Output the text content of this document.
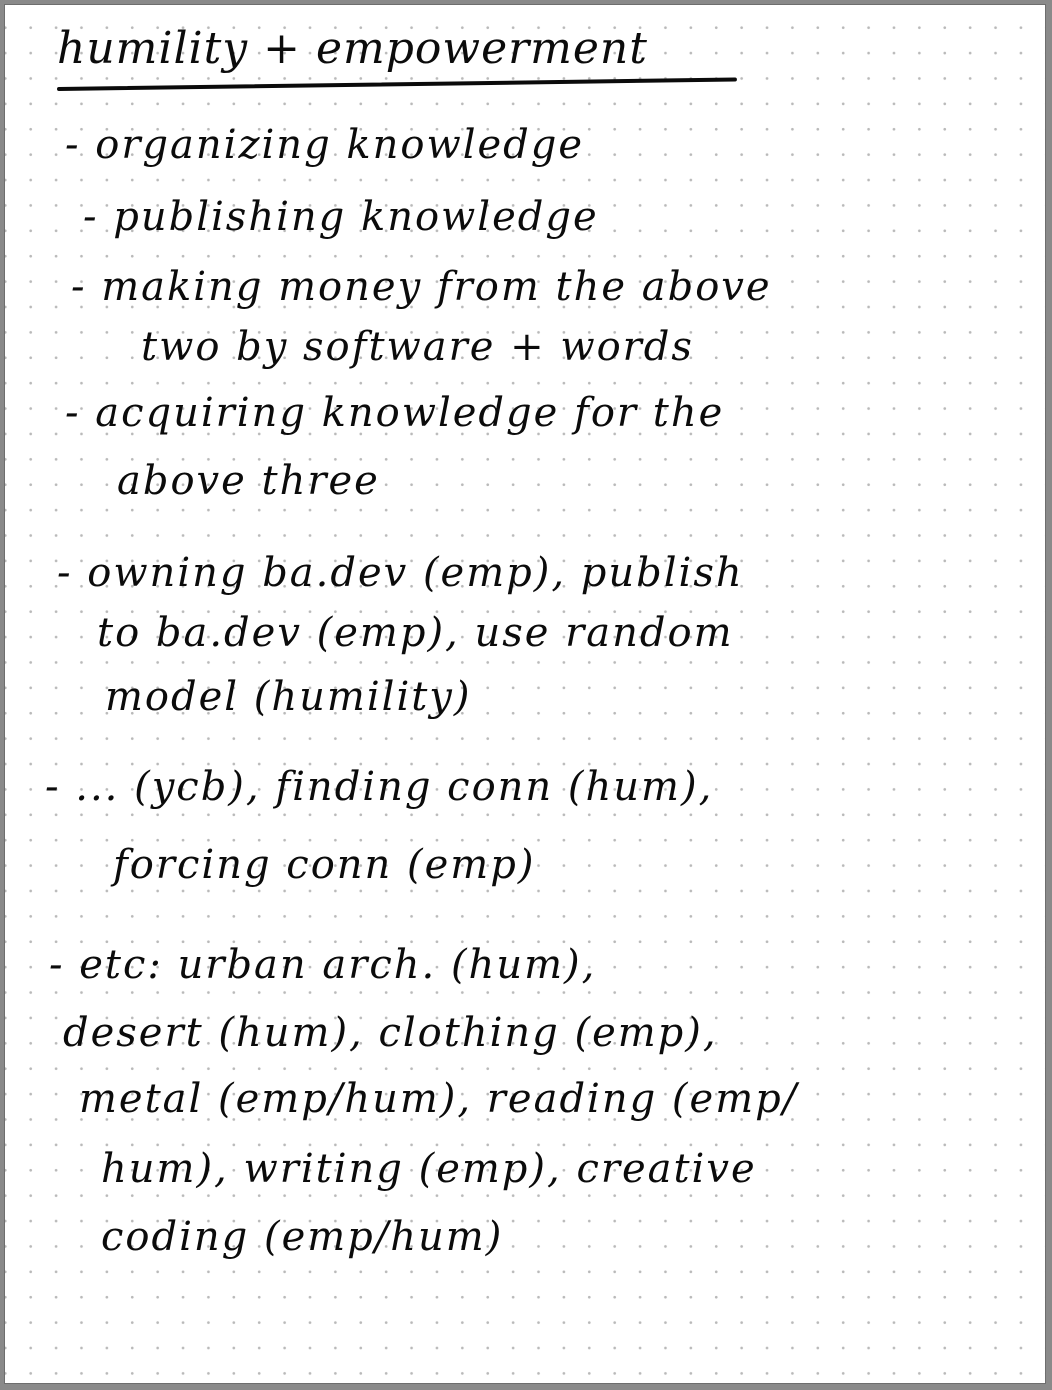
humility + empowerment
- organizing knowledge
- publishing knowledge
- making money from the above
two by software + words
- acquiring knowledge for the
above three
- owning ba.dev (emp), publish
to ba.dev (emp), use random
model (humility)
- ... (ycb), finding conn (hum),
forcing conn (emp)
- etc: urban arch. (hum),
desert (hum), clothing (emp),
metal (emp/hum), reading (emp/
hum), writing (emp), creative
coding (emp/hum)
